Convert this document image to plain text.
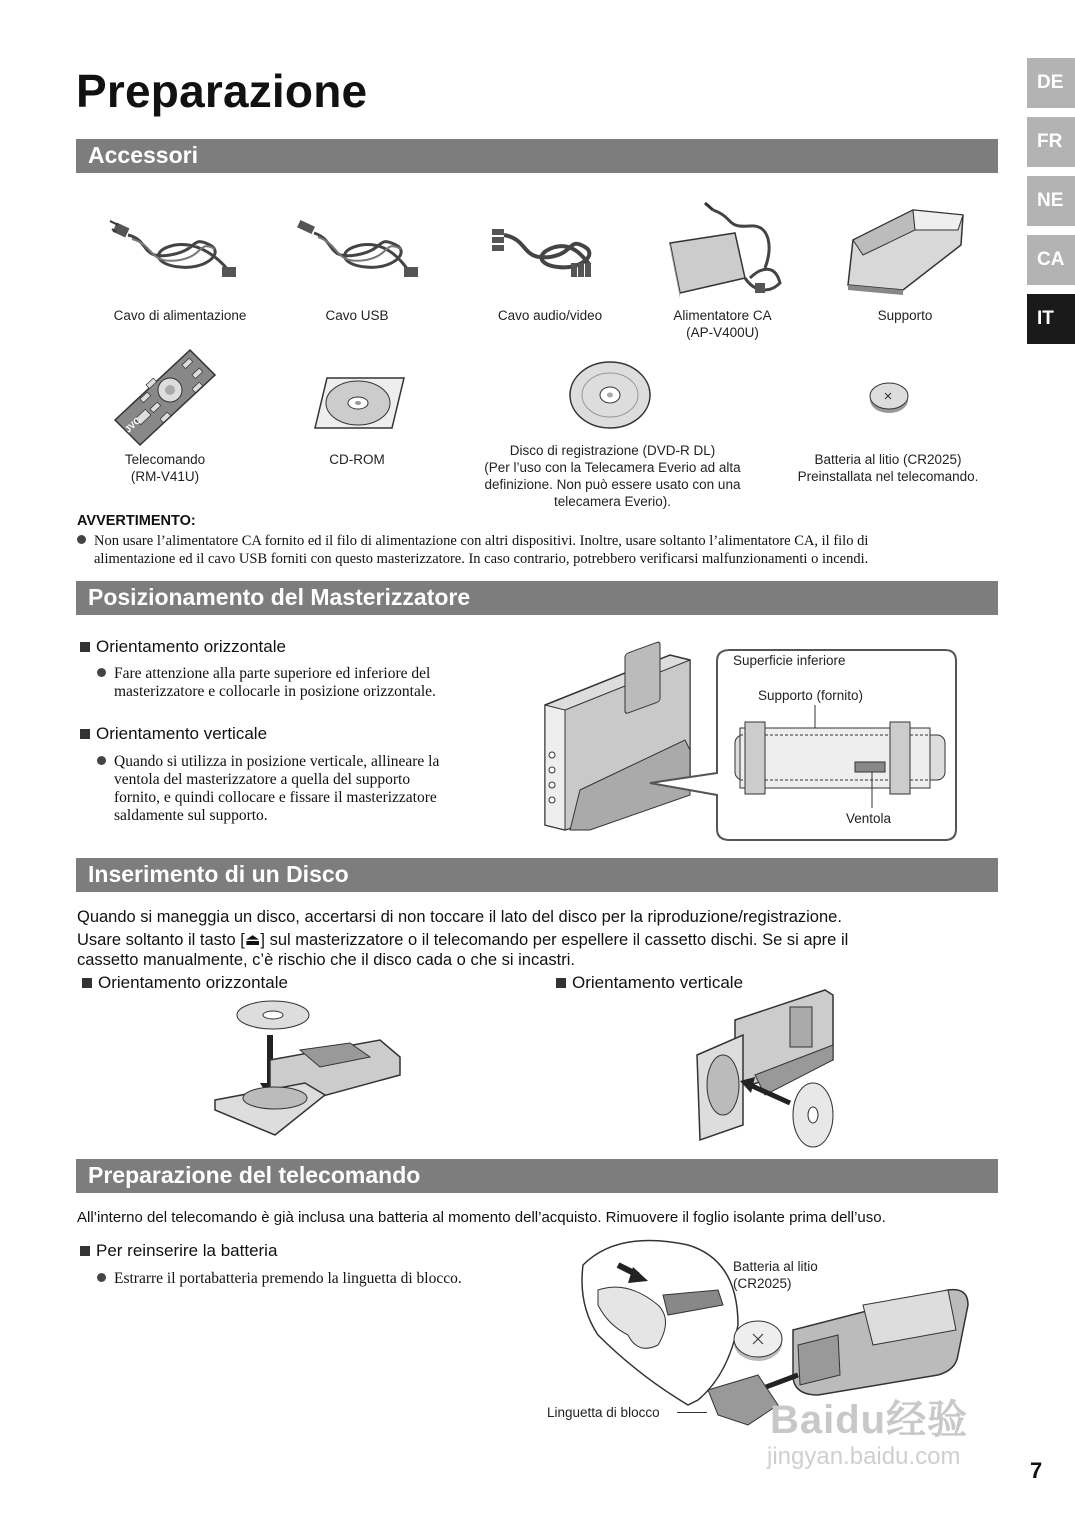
Preparazione	DE
FR
NE
CA
IT
Accessori
Cavo di alimentazione	Cavo USB	Cavo audio/video	Alimentatore CA
(AP-V400U)
Supporto
JVC
Telecomando
(RM-V41U)
CD-ROM
Disco di registrazione (DVD-R DL)
(Per l’uso con la Telecamera Everio ad alta
definizione. Non può essere usato con una
telecamera Everio).
Batteria al litio (CR2025)
Preinstallata nel telecomando.
AVVERTIMENTO:
Non usare l’alimentatore CA fornito ed il filo di alimentazione con altri dispositivi. Inoltre, usare soltanto l’alimentatore CA, il filo di
alimentazione ed il cavo USB forniti con questo masterizzatore. In caso contrario, potrebbero verificarsi malfunzionamenti o incendi.
Posizionamento del Masterizzatore
Orientamento orizzontale
Fare attenzione alla parte superiore ed inferiore del
masterizzatore e collocarle in posizione orizzontale.
Orientamento verticale
Quando si utilizza in posizione verticale, allineare la
ventola del masterizzatore a quella del supporto
fornito, e quindi collocare e fissare il masterizzatore
saldamente sul supporto.
Superficie inferiore
Supporto (fornito)
Ventola
Inserimento di un Disco
Quando si maneggia un disco, accertarsi di non toccare il lato del disco per la riproduzione/registrazione.
Usare soltanto il tasto [⏏] sul masterizzatore o il telecomando per espellere il cassetto dischi. Se si apre il
cassetto manualmente, c’è rischio che il disco cada o che si incastri.
Orientamento orizzontale	Orientamento verticale
Preparazione del telecomando
All’interno del telecomando è già inclusa una batteria al momento dell’acquisto. Rimuovere il foglio isolante prima dell’uso.
Per reinserire la batteria
Estrarre il portabatteria premendo la linguetta di blocco.
Batteria al litio
(CR2025)
Linguetta di blocco	Baidu经验
jingyan.baidu.com
7
